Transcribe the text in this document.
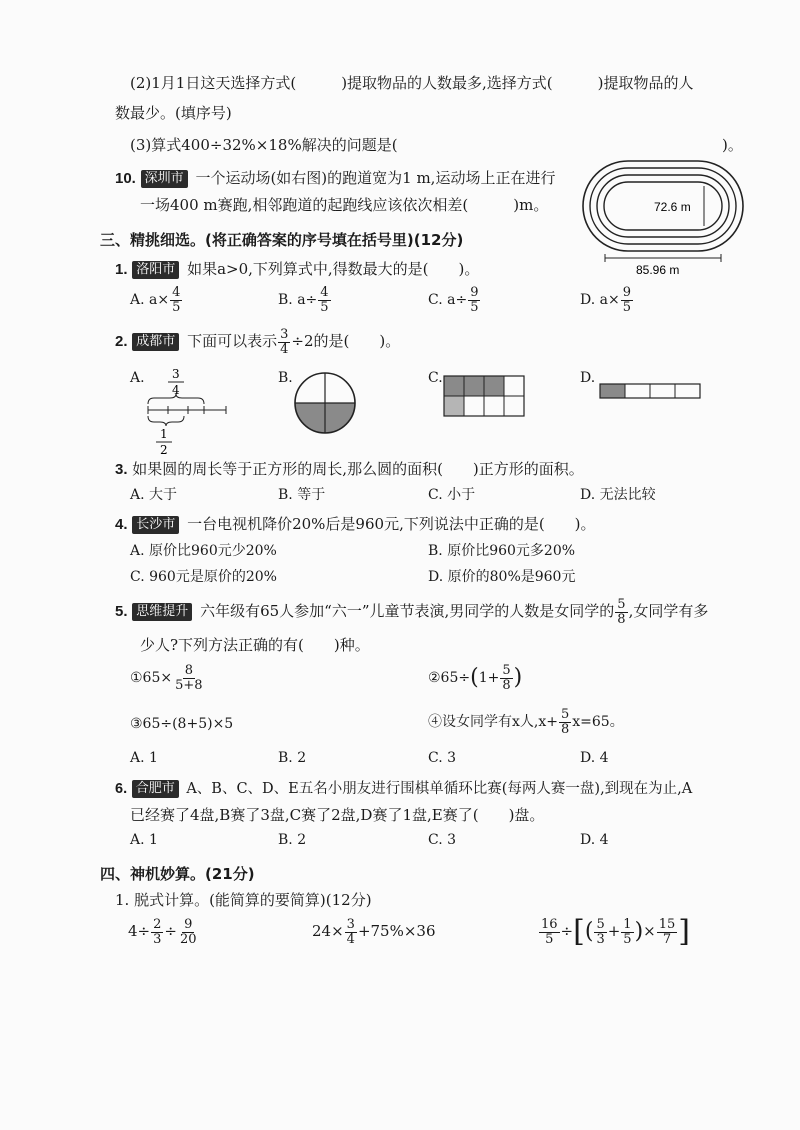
(2)1月1日这天选择方式(　　　)提取物品的人数最多,选择方式(　　　)提取物品的人
数最少。(填序号)
(3)算式400÷32%×18%解决的问题是(	)。
10. 深圳市 一个运动场(如右图)的跑道宽为1 m,运动场上正在进行
一场400 m赛跑,相邻跑道的起跑线应该依次相差(　　　)m。	72.6 m
85.96 m
三、精挑细选。(将正确答案的序号填在括号里)(12分)
1. 洛阳市 如果a>0,下列算式中,得数最大的是(　　)。
A. $a\times \frac{4}{5}$	B. $a\div \frac{4}{5}$	C. $a\div \frac{9}{5}$	D. $a\times \frac{9}{5}$
2. 成都市 下面可以表示 $\frac{3}{4} \div 2$的是(　　)。
A.	B.	C.	D.
3
4
1
2
3. 如果圆的周长等于正方形的周长,那么圆的面积(　　)正方形的面积。
A. 大于	B. 等于	C. 小于	D. 无法比较
4. 长沙市 一台电视机降价20%后是960元,下列说法中正确的是(　　)。
A. 原价比960元少20%	B. 原价比960元多20%
C. 960元是原价的20%	D. 原价的80%是960元
5. 思维提升 六年级有65人参加“六一”儿童节表演,男同学的人数是女同学的 $\frac{5}{8}$ ,女同学有多
少人?下列方法正确的有(　　)种。
①65× $\frac{8}{5+8}$	②65÷(1+ $\frac{5}{8}$ )
③65÷(8+5)×5	④设女同学有x人$,x+ \frac{5}{8} x=65$。
A. 1	B. 2	C. 3	D. 4
6. 合肥市 A、B、C、D、E五名小朋友进行围棋单循环比赛(每两人赛一盘),到现在为止,A
已经赛了4盘,B赛了3盘,C赛了2盘,D赛了1盘,E赛了(　　)盘。
A. 1	B. 2	C. 3	D. 4
四、神机妙算。(21分)
1. 脱式计算。(能简算的要简算)(12分)
$4\div \frac{2}{3} \div \frac{9}{20}$	$24\times \frac{3}{4} +75\%\times 36$	$\frac{16}{5}$ ÷[( $\frac{5}{3} + \frac{1}{5}$ )× $\frac{15}{7}$ ]
